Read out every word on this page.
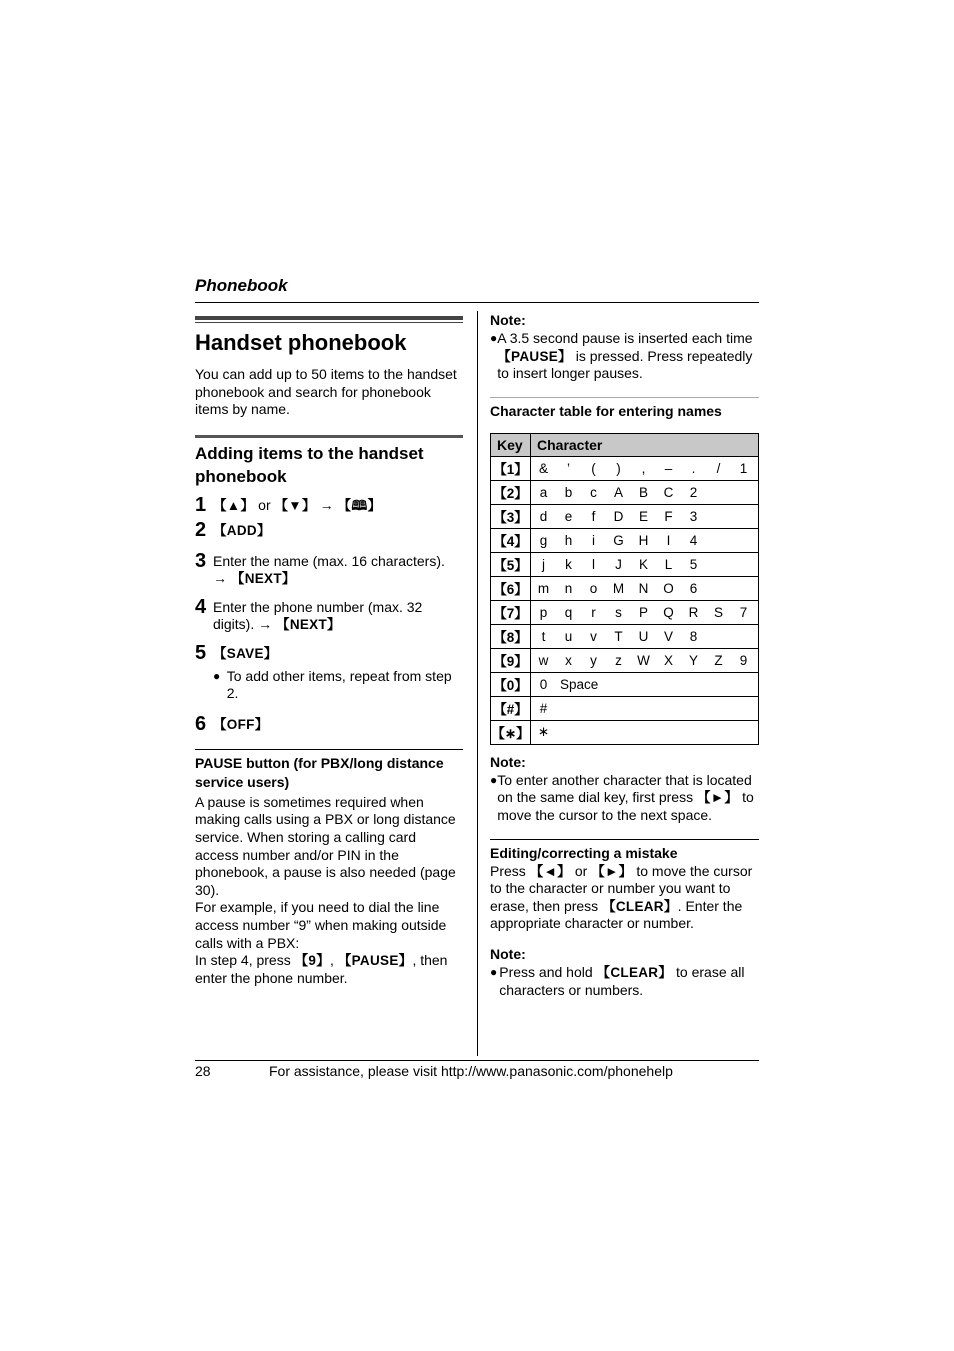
Phonebook
Handset phonebook

You can add up to 50 items to the handset phonebook and search for phonebook items by name.

Adding items to the handset phonebook
1 【▲】 or 【▼】 → 【🕮】
2 【ADD】
3 Enter the name (max. 16 characters).
→ 【NEXT】
4 Enter the phone number (max. 32 digits). → 【NEXT】
5 【SAVE】
● To add other items, repeat from step 2.
6 【OFF】

PAUSE button (for PBX/long distance service users)

A pause is sometimes required when making calls using a PBX or long distance service. When storing a calling card access number and/or PIN in the phonebook, a pause is also needed (page 30).

For example, if you need to dial the line access number “9” when making outside calls with a PBX:

In step 4, press 【9】, 【PAUSE】, then enter the phone number.

Note:

● A 3.5 second pause is inserted each time 【PAUSE】 is pressed. Press repeatedly to insert longer pauses.

Character table for entering names

Key	Character
【1】	& ’ ( ) , – . / 1
【2】	a b c A B C 2
【3】	d e f D E F 3
【4】	g h i G H I 4
【5】	j k l J K L 5
【6】	m n o M N O 6
【7】	p q r s P Q R S 7
【8】	t u v T U V 8
【9】	w x y z W X Y Z 9
【0】	0 Space
【#】	#
【∗】	∗

Note:

● To enter another character that is located on the same dial key, first press 【►】 to move the cursor to the next space.

Editing/correcting a mistake

Press 【◄】 or 【►】 to move the cursor to the character or number you want to erase, then press 【CLEAR】. Enter the appropriate character or number.

Note:

● Press and hold 【CLEAR】 to erase all characters or numbers.
28	For assistance, please visit http://www.panasonic.com/phonehelp
